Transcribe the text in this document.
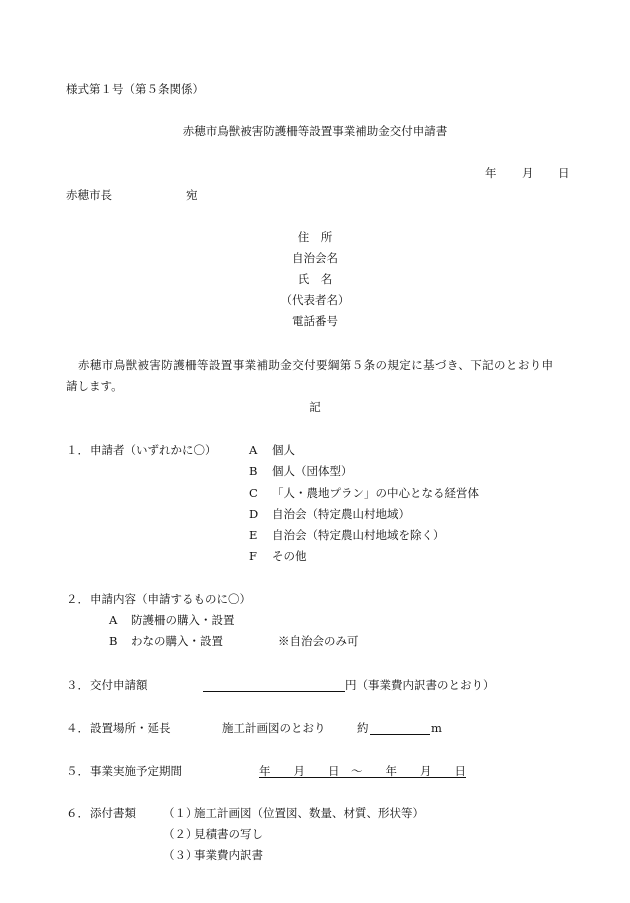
様式第１号（第５条関係）
赤穂市鳥獣被害防護柵等設置事業補助金交付申請書
年 月 日
赤穂市長	宛
住　所
自治会名
氏　名
（代表者名）
電話番号
赤穂市鳥獣被害防護柵等設置事業補助金交付要綱第５条の規定に基づき、下記のとおり申
請します。
記
１． 申請者（いずれかに〇）	A 個人
B 個人（団体型）
C 「人・農地プラン」の中心となる経営体
D 自治会（特定農山村地域）
E 自治会（特定農山村地域を除く）
F その他
２． 申請内容（申請するものに〇）
A 防護柵の購入・設置
B わなの購入・設置	※自治会のみ可
３． 交付申請額	円（事業費内訳書のとおり）
４． 設置場所・延長	施工計画図のとおり	約	m
５． 事業実施予定期間	年　　月　　日　～　　年　　月　　日
６． 添付書類 （１）
施工計画図（位置図、数量、材質、形状等）
（２）
見積書の写し
（３）
事業費内訳書
